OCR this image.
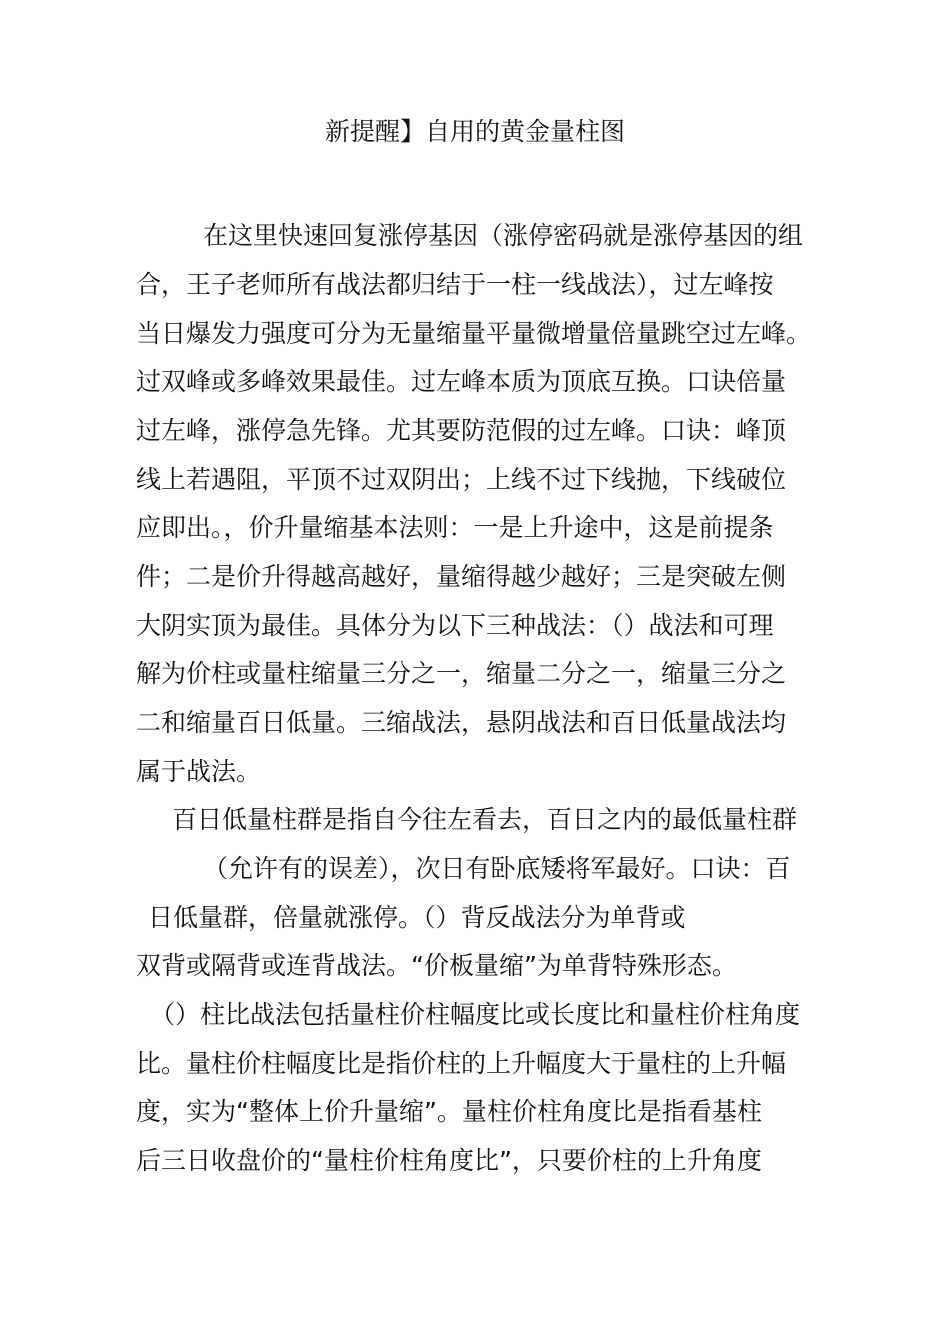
新提醒】自用的黄金量柱图
在这里快速回复涨停基因（涨停密码就是涨停基因的组
合，王子老师所有战法都归结于一柱一线战法），过左峰按
当日爆发力强度可分为无量缩量平量微增量倍量跳空过左峰。
过双峰或多峰效果最佳。过左峰本质为顶底互换。口诀倍量
过左峰，涨停急先锋。尤其要防范假的过左峰。口诀：峰顶
线上若遇阻，平顶不过双阴出；上线不过下线抛，下线破位
应即出。，价升量缩基本法则：一是上升途中，这是前提条
件；二是价升得越高越好，量缩得越少越好；三是突破左侧
大阴实顶为最佳。具体分为以下三种战法：（）战法和可理
解为价柱或量柱缩量三分之一，缩量二分之一，缩量三分之
二和缩量百日低量。三缩战法，悬阴战法和百日低量战法均
属于战法。
百日低量柱群是指自今往左看去，百日之内的最低量柱群
（允许有的误差），次日有卧底矮将军最好。口诀：百
日低量群，倍量就涨停。（）背反战法分为单背或
双背或隔背或连背战法。“价板量缩”为单背特殊形态。
（）柱比战法包括量柱价柱幅度比或长度比和量柱价柱角度
比。量柱价柱幅度比是指价柱的上升幅度大于量柱的上升幅
度，实为“整体上价升量缩”。量柱价柱角度比是指看基柱
后三日收盘价的“量柱价柱角度比”，只要价柱的上升角度
